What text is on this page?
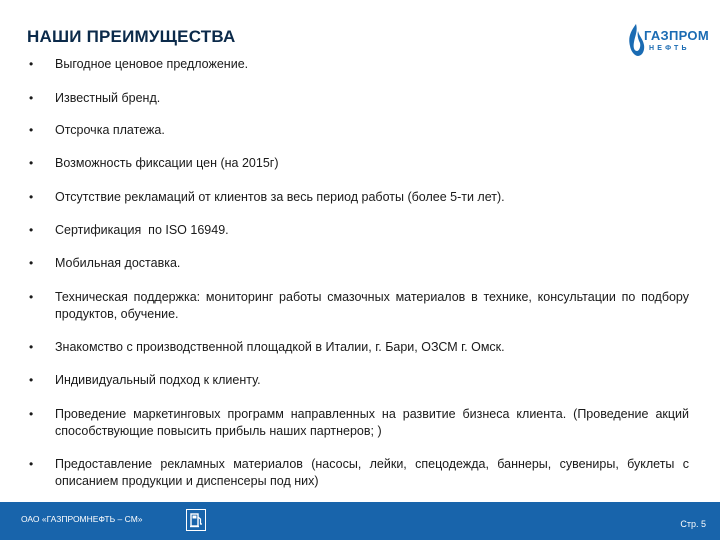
НАШИ ПРЕИМУЩЕСТВА	ГАЗПРОМ
НЕФТЬ
• Выгодное ценовое предложение.
• Известный бренд.
• Отсрочка платежа.
• Возможность фиксации цен (на 2015г)
• Отсутствие рекламаций от клиентов за весь период работы (более 5-ти лет).
• Сертификация  по ISO 16949.
• Мобильная доставка.
• Техническая поддержка: мониторинг работы смазочных материалов в технике, консультации по подбору продуктов, обучение.
• Знакомство с производственной площадкой в Италии, г. Бари, ОЗСМ г. Омск.
• Индивидуальный подход к клиенту.
• Проведение маркетинговых программ направленных на развитие бизнеса клиента. (Проведение акций способствующие повысить прибыль наших партнеров; )
• Предоставление рекламных материалов (насосы, лейки, спецодежда, баннеры, сувениры, буклеты с описанием продукции и диспенсеры под них)
ОАО «ГАЗПРОМНЕФТЬ – СМ»	Стр. 5
